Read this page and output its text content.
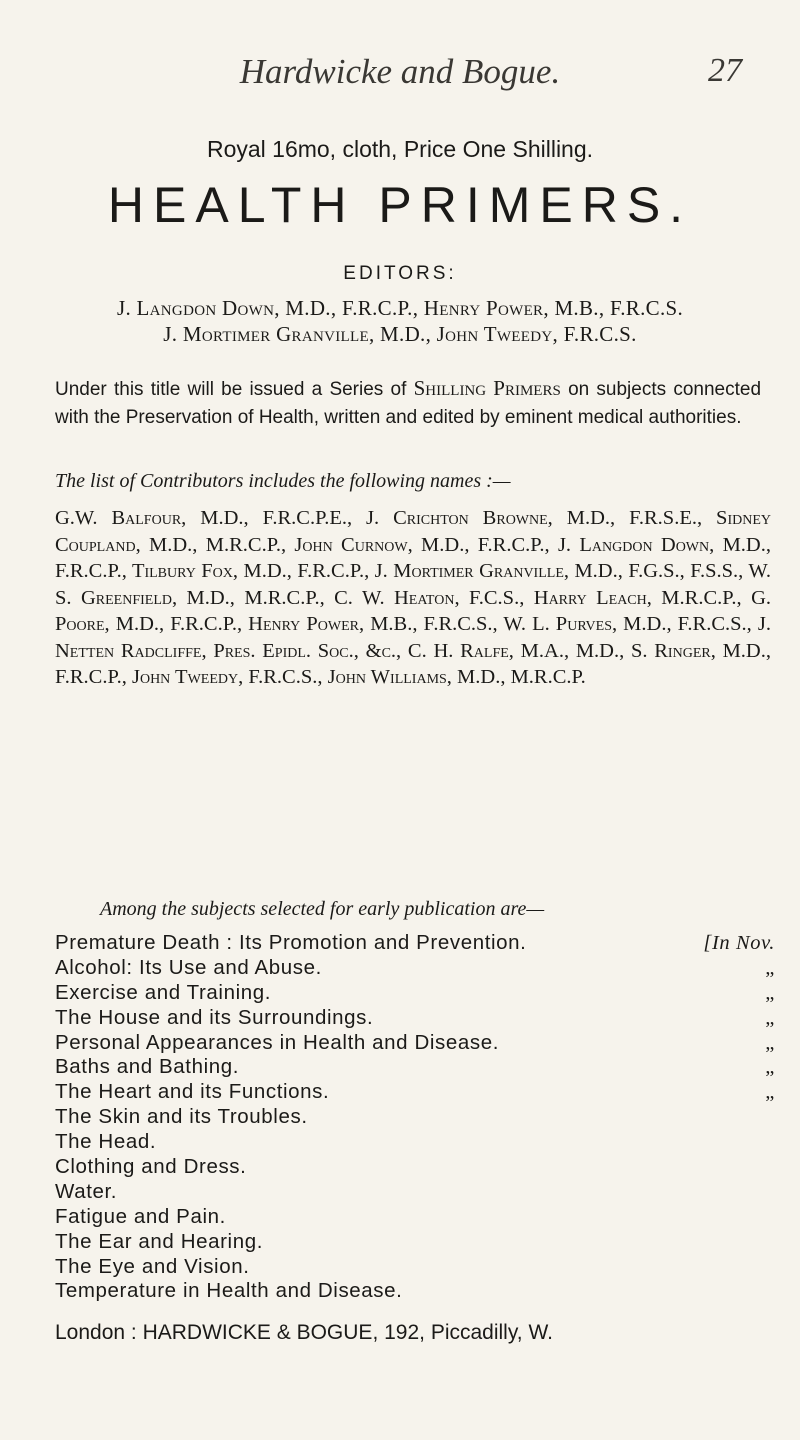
Hardwicke and Bogue.	27
Royal 16mo, cloth, Price One Shilling.
HEALTH PRIMERS.
EDITORS:
J. Langdon Down, M.D., F.R.C.P., Henry Power, M.B., F.R.C.S.
J. Mortimer Granville, M.D., John Tweedy, F.R.C.S.
Under this title will be issued a Series of Shilling Primers on subjects connected with the Preservation of Health, written and edited by eminent medical authorities.
The list of Contributors includes the following names :—
G.W. Balfour, M.D., F.R.C.P.E., J. Crichton Browne, M.D., F.R.S.E., Sidney Coupland, M.D., M.R.C.P., John Curnow, M.D., F.R.C.P., J. Langdon Down, M.D., F.R.C.P., Tilbury Fox, M.D., F.R.C.P., J. Mortimer Granville, M.D., F.G.S., F.S.S., W. S. Greenfield, M.D., M.R.C.P., C. W. Heaton, F.C.S., Harry Leach, M.R.C.P., G. Poore, M.D., F.R.C.P., Henry Power, M.B., F.R.C.S., W. L. Purves, M.D., F.R.C.S., J. Netten Radcliffe, Pres. Epidl. Soc., &c., C. H. Ralfe, M.A., M.D., S. Ringer, M.D., F.R.C.P., John Tweedy, F.R.C.S., John Williams, M.D., M.R.C.P.
Among the subjects selected for early publication are—
Premature Death : Its Promotion and Prevention.	[In Nov.
Alcohol: Its Use and Abuse.	„
Exercise and Training.	„
The House and its Surroundings.	„
Personal Appearances in Health and Disease.	„
Baths and Bathing.	„
The Heart and its Functions.	„
The Skin and its Troubles.
The Head.
Clothing and Dress.
Water.
Fatigue and Pain.
The Ear and Hearing.
The Eye and Vision.
Temperature in Health and Disease.
London : HARDWICKE & BOGUE, 192, Piccadilly, W.
